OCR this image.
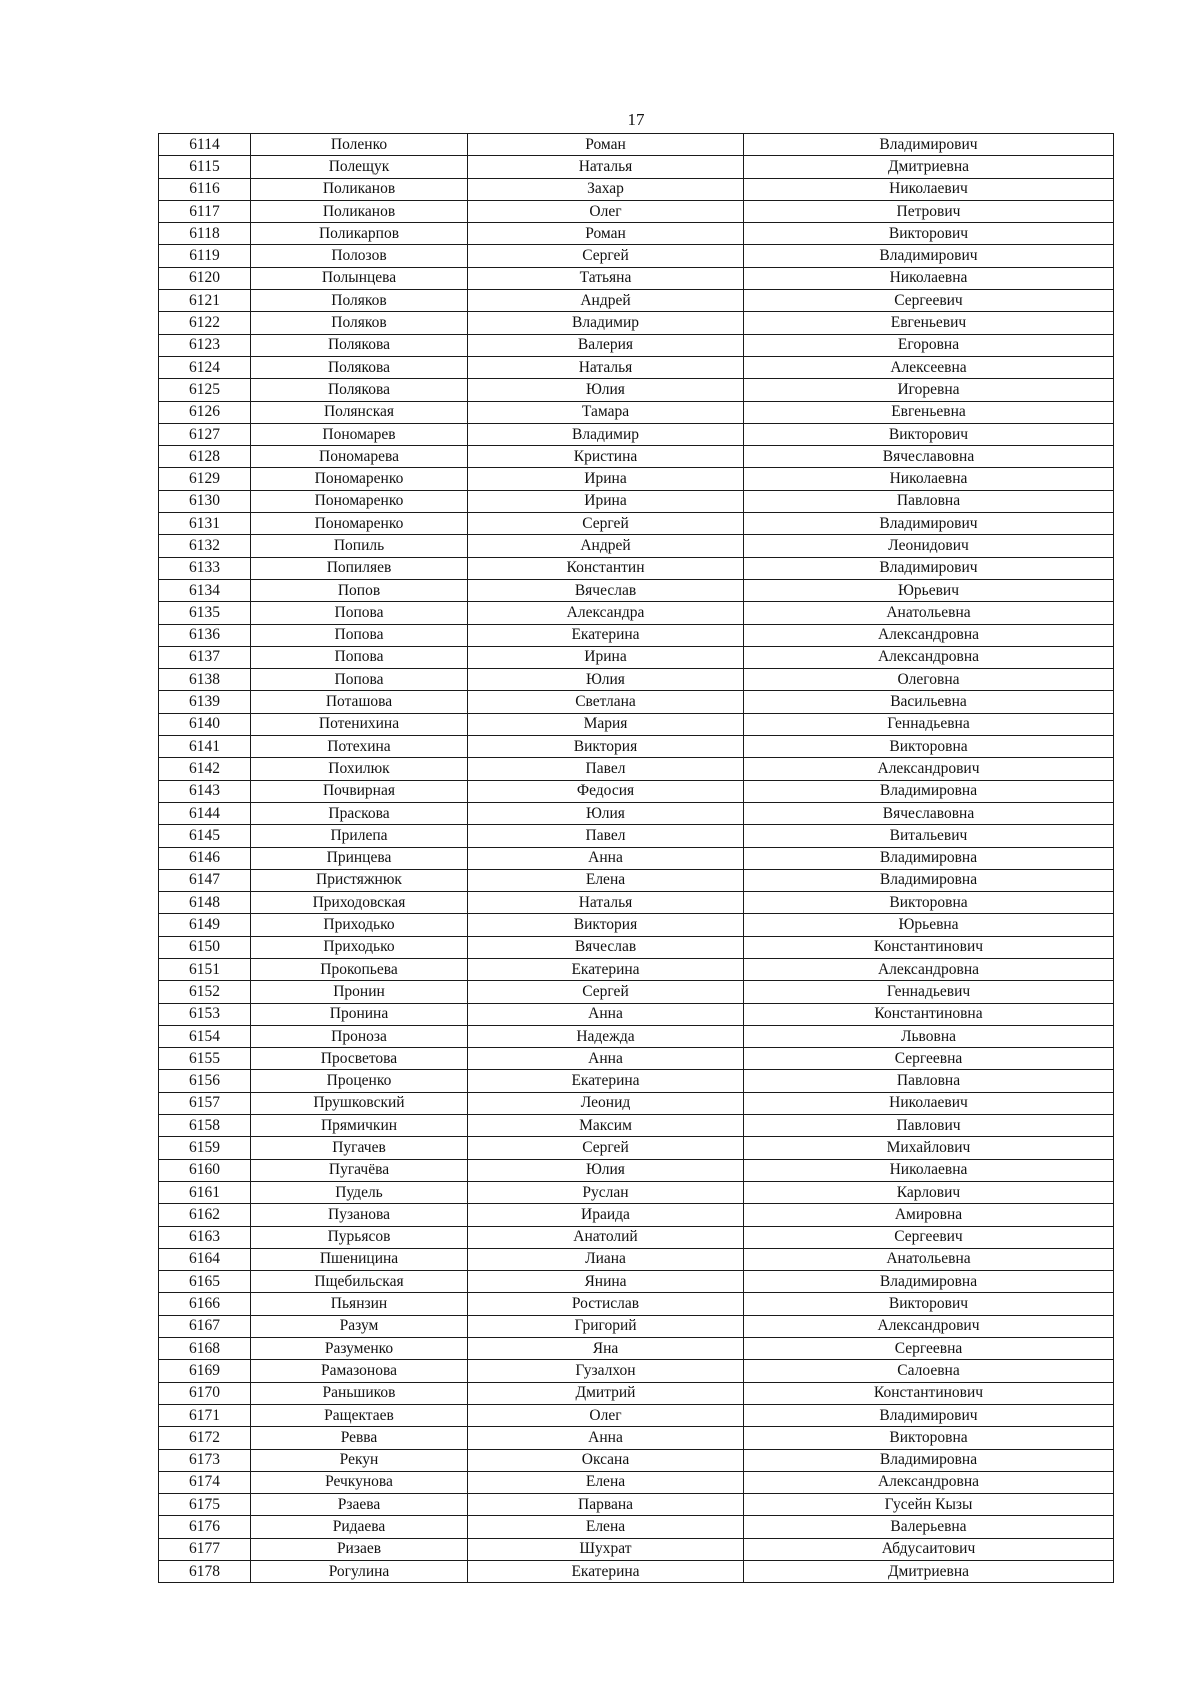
17
6114	Поленко	Роман	Владимирович
6115	Полещук	Наталья	Дмитриевна
6116	Поликанов	Захар	Николаевич
6117	Поликанов	Олег	Петрович
6118	Поликарпов	Роман	Викторович
6119	Полозов	Сергей	Владимирович
6120	Полынцева	Татьяна	Николаевна
6121	Поляков	Андрей	Сергеевич
6122	Поляков	Владимир	Евгеньевич
6123	Полякова	Валерия	Егоровна
6124	Полякова	Наталья	Алексеевна
6125	Полякова	Юлия	Игоревна
6126	Полянская	Тамара	Евгеньевна
6127	Пономарев	Владимир	Викторович
6128	Пономарева	Кристина	Вячеславовна
6129	Пономаренко	Ирина	Николаевна
6130	Пономаренко	Ирина	Павловна
6131	Пономаренко	Сергей	Владимирович
6132	Попиль	Андрей	Леонидович
6133	Попиляев	Константин	Владимирович
6134	Попов	Вячеслав	Юрьевич
6135	Попова	Александра	Анатольевна
6136	Попова	Екатерина	Александровна
6137	Попова	Ирина	Александровна
6138	Попова	Юлия	Олеговна
6139	Поташова	Светлана	Васильевна
6140	Потенихина	Мария	Геннадьевна
6141	Потехина	Виктория	Викторовна
6142	Похилюк	Павел	Александрович
6143	Почвирная	Федосия	Владимировна
6144	Праскова	Юлия	Вячеславовна
6145	Прилепа	Павел	Витальевич
6146	Принцева	Анна	Владимировна
6147	Пристяжнюк	Елена	Владимировна
6148	Приходовская	Наталья	Викторовна
6149	Приходько	Виктория	Юрьевна
6150	Приходько	Вячеслав	Константинович
6151	Прокопьева	Екатерина	Александровна
6152	Пронин	Сергей	Геннадьевич
6153	Пронина	Анна	Константиновна
6154	Проноза	Надежда	Львовна
6155	Просветова	Анна	Сергеевна
6156	Проценко	Екатерина	Павловна
6157	Прушковский	Леонид	Николаевич
6158	Прямичкин	Максим	Павлович
6159	Пугачев	Сергей	Михайлович
6160	Пугачёва	Юлия	Николаевна
6161	Пудель	Руслан	Карлович
6162	Пузанова	Ираида	Амировна
6163	Пурьясов	Анатолий	Сергеевич
6164	Пшеницина	Лиана	Анатольевна
6165	Пщебильская	Янина	Владимировна
6166	Пьянзин	Ростислав	Викторович
6167	Разум	Григорий	Александрович
6168	Разуменко	Яна	Сергеевна
6169	Рамазонова	Гузалхон	Салоевна
6170	Раньшиков	Дмитрий	Константинович
6171	Ращектаев	Олег	Владимирович
6172	Ревва	Анна	Викторовна
6173	Рекун	Оксана	Владимировна
6174	Речкунова	Елена	Александровна
6175	Рзаева	Парвана	Гусейн Кызы
6176	Ридаева	Елена	Валерьевна
6177	Ризаев	Шухрат	Абдусаитович
6178	Рогулина	Екатерина	Дмитриевна
